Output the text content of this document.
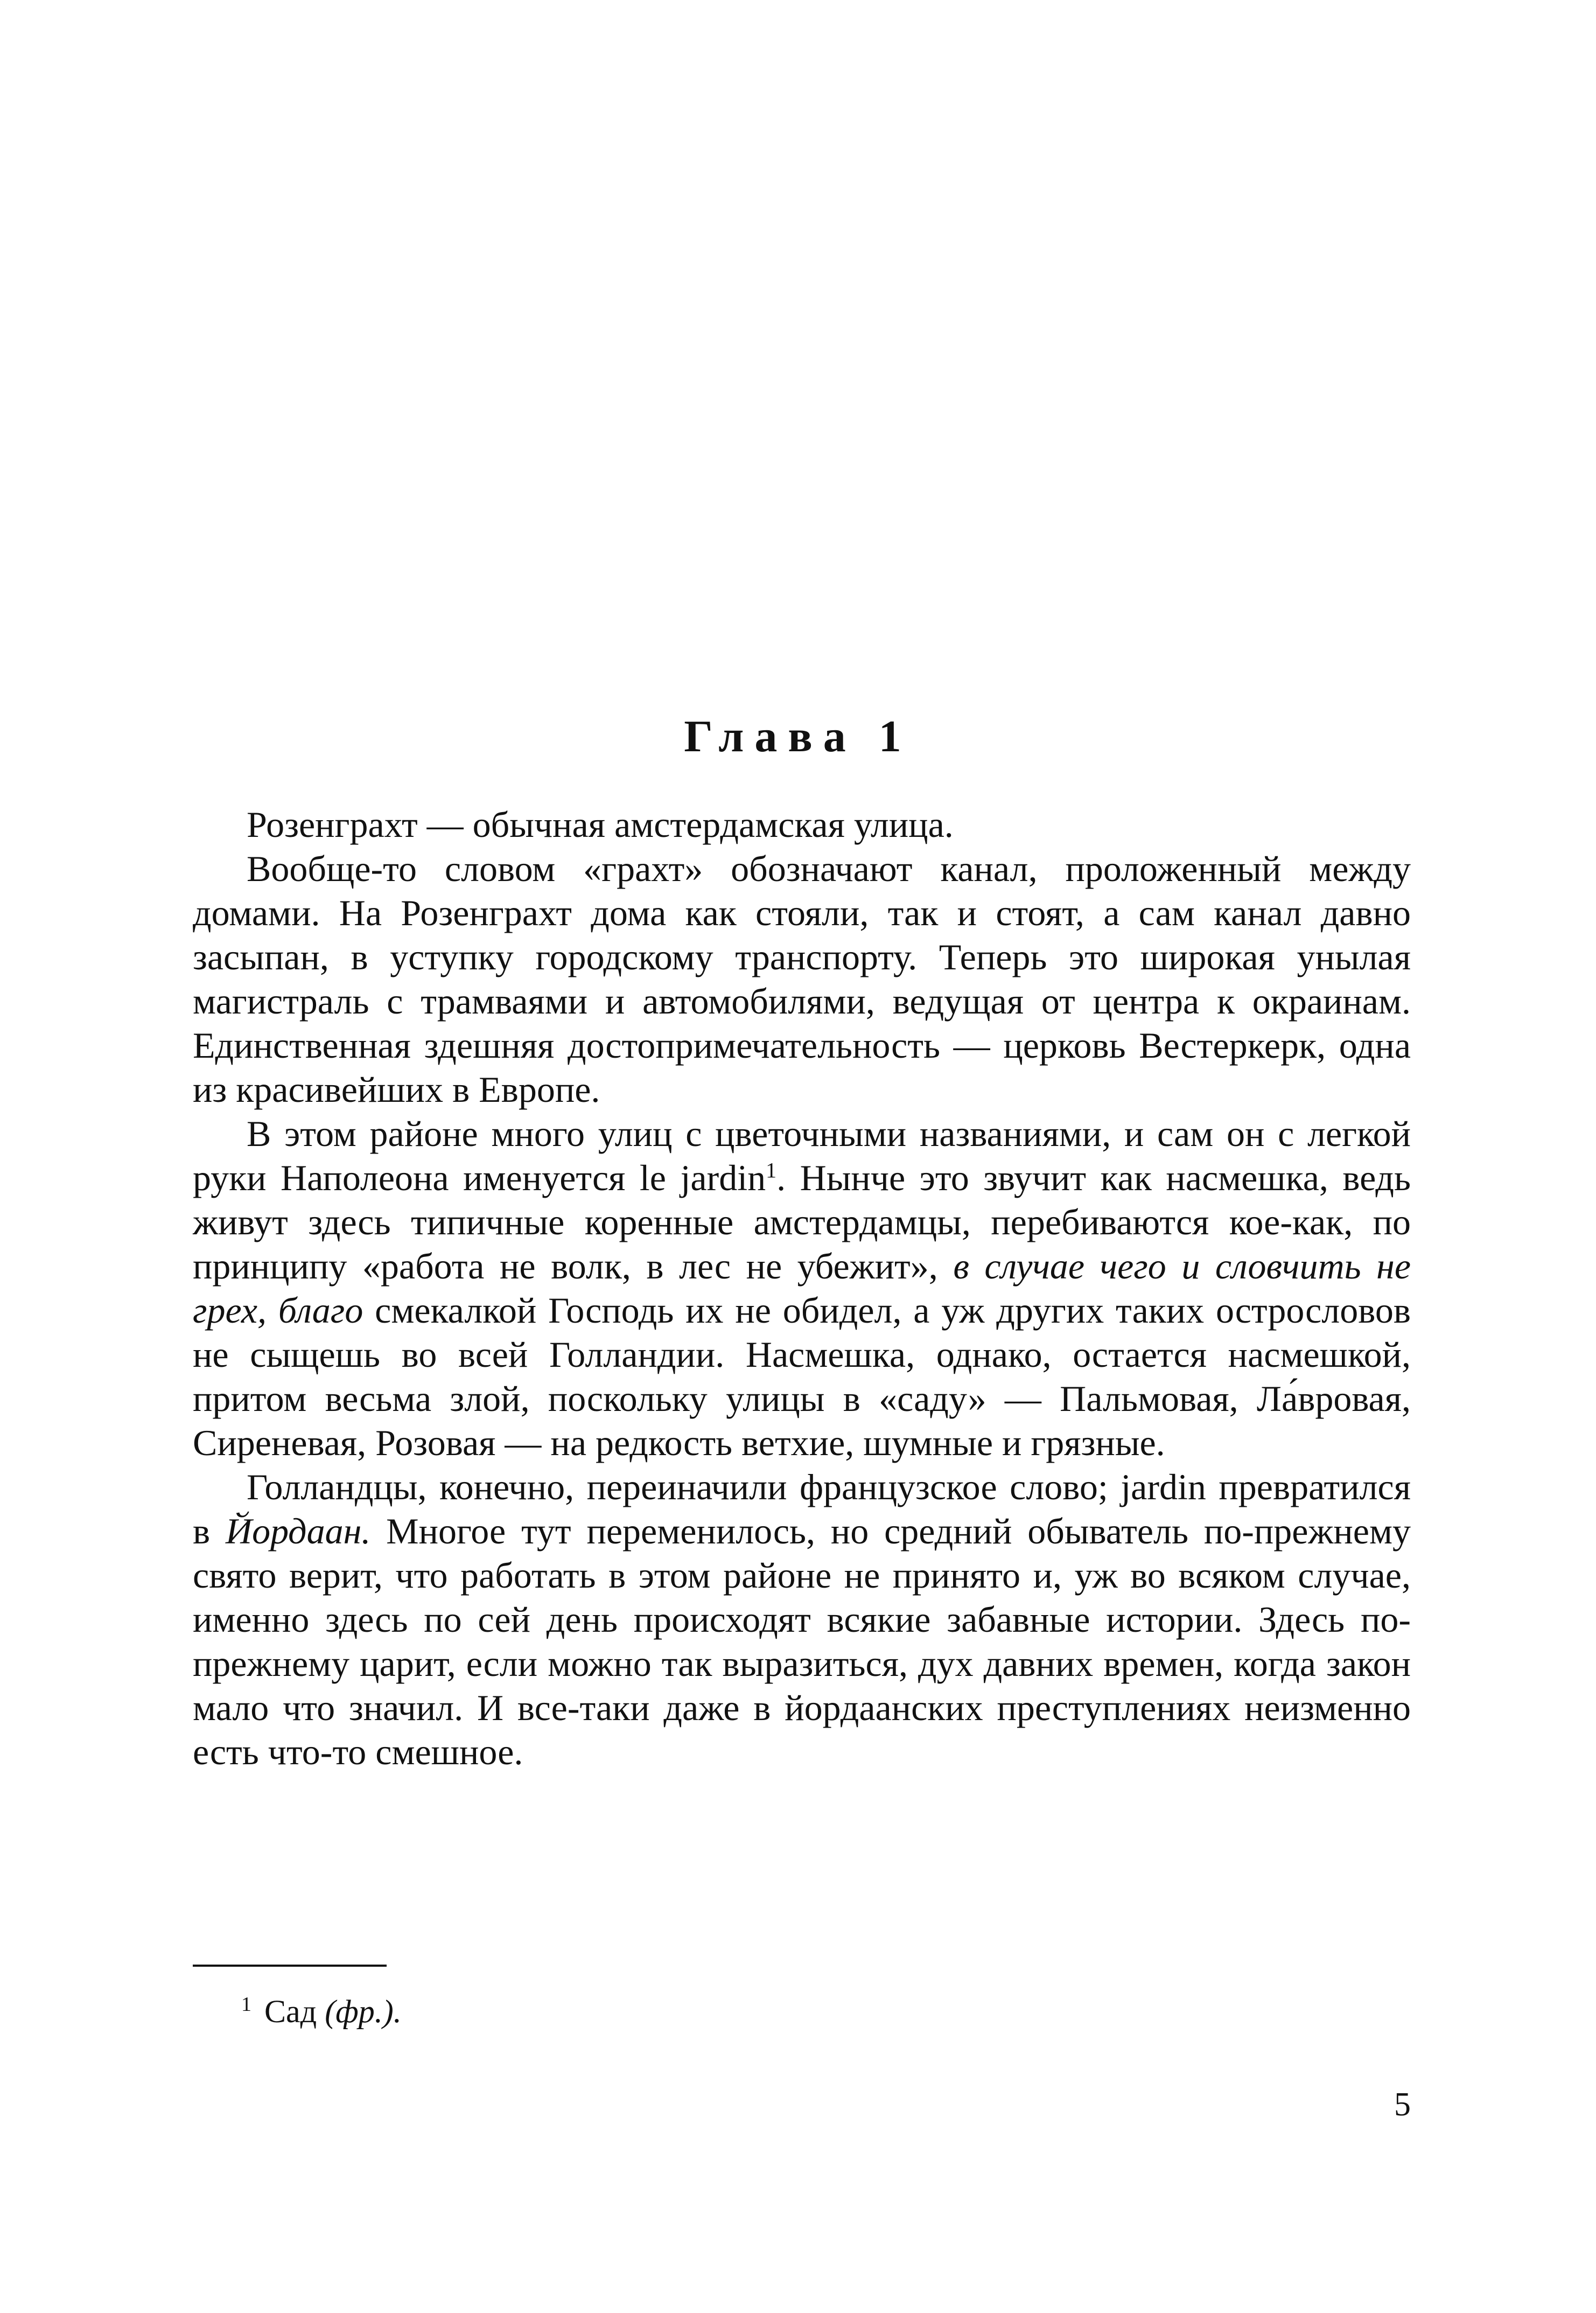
Глава 1

Розенграхт — обычная амстердамская улица.

Вообще-то словом «грахт» обозначают канал, проложенный между домами. На Розенграхт дома как стояли, так и стоят, а сам канал давно засыпан, в уступку городскому транспорту. Теперь это широкая унылая магистраль с трамваями и автомобилями, ведущая от центра к окраинам. Единственная здешняя достопримечательность — церковь Вестеркерк, одна из красивейших в Европе.

В этом районе много улиц с цветочными названиями, и сам он с легкой руки Наполеона именуется le jardin$^1$. Нынче это звучит как насмешка, ведь живут здесь типичные коренные амстердамцы, перебиваются кое-как, по принципу «работа не волк, в лес не убежит», в случае чего и словчить не грех, благо смекалкой Господь их не обидел, а уж других таких острословов не сыщешь во всей Голландии. Насмешка, однако, остается насмешкой, притом весьма злой, поскольку улицы в «саду» — Пальмовая, Ла́вровая, Сиреневая, Розовая — на редкость ветхие, шумные и грязные.

Голландцы, конечно, переиначили французское слово; jardin превратился в Йордаан. Многое тут переменилось, но средний обыватель по-прежнему свято верит, что работать в этом районе не принято и, уж во всяком случае, именно здесь по сей день происходят всякие забавные истории. Здесь по-прежнему царит, если можно так выразиться, дух давних времен, когда закон мало что значил. И все-таки даже в йордаанских преступлениях неизменно есть что-то смешное.

$^1$ Сад (фр.).
5
